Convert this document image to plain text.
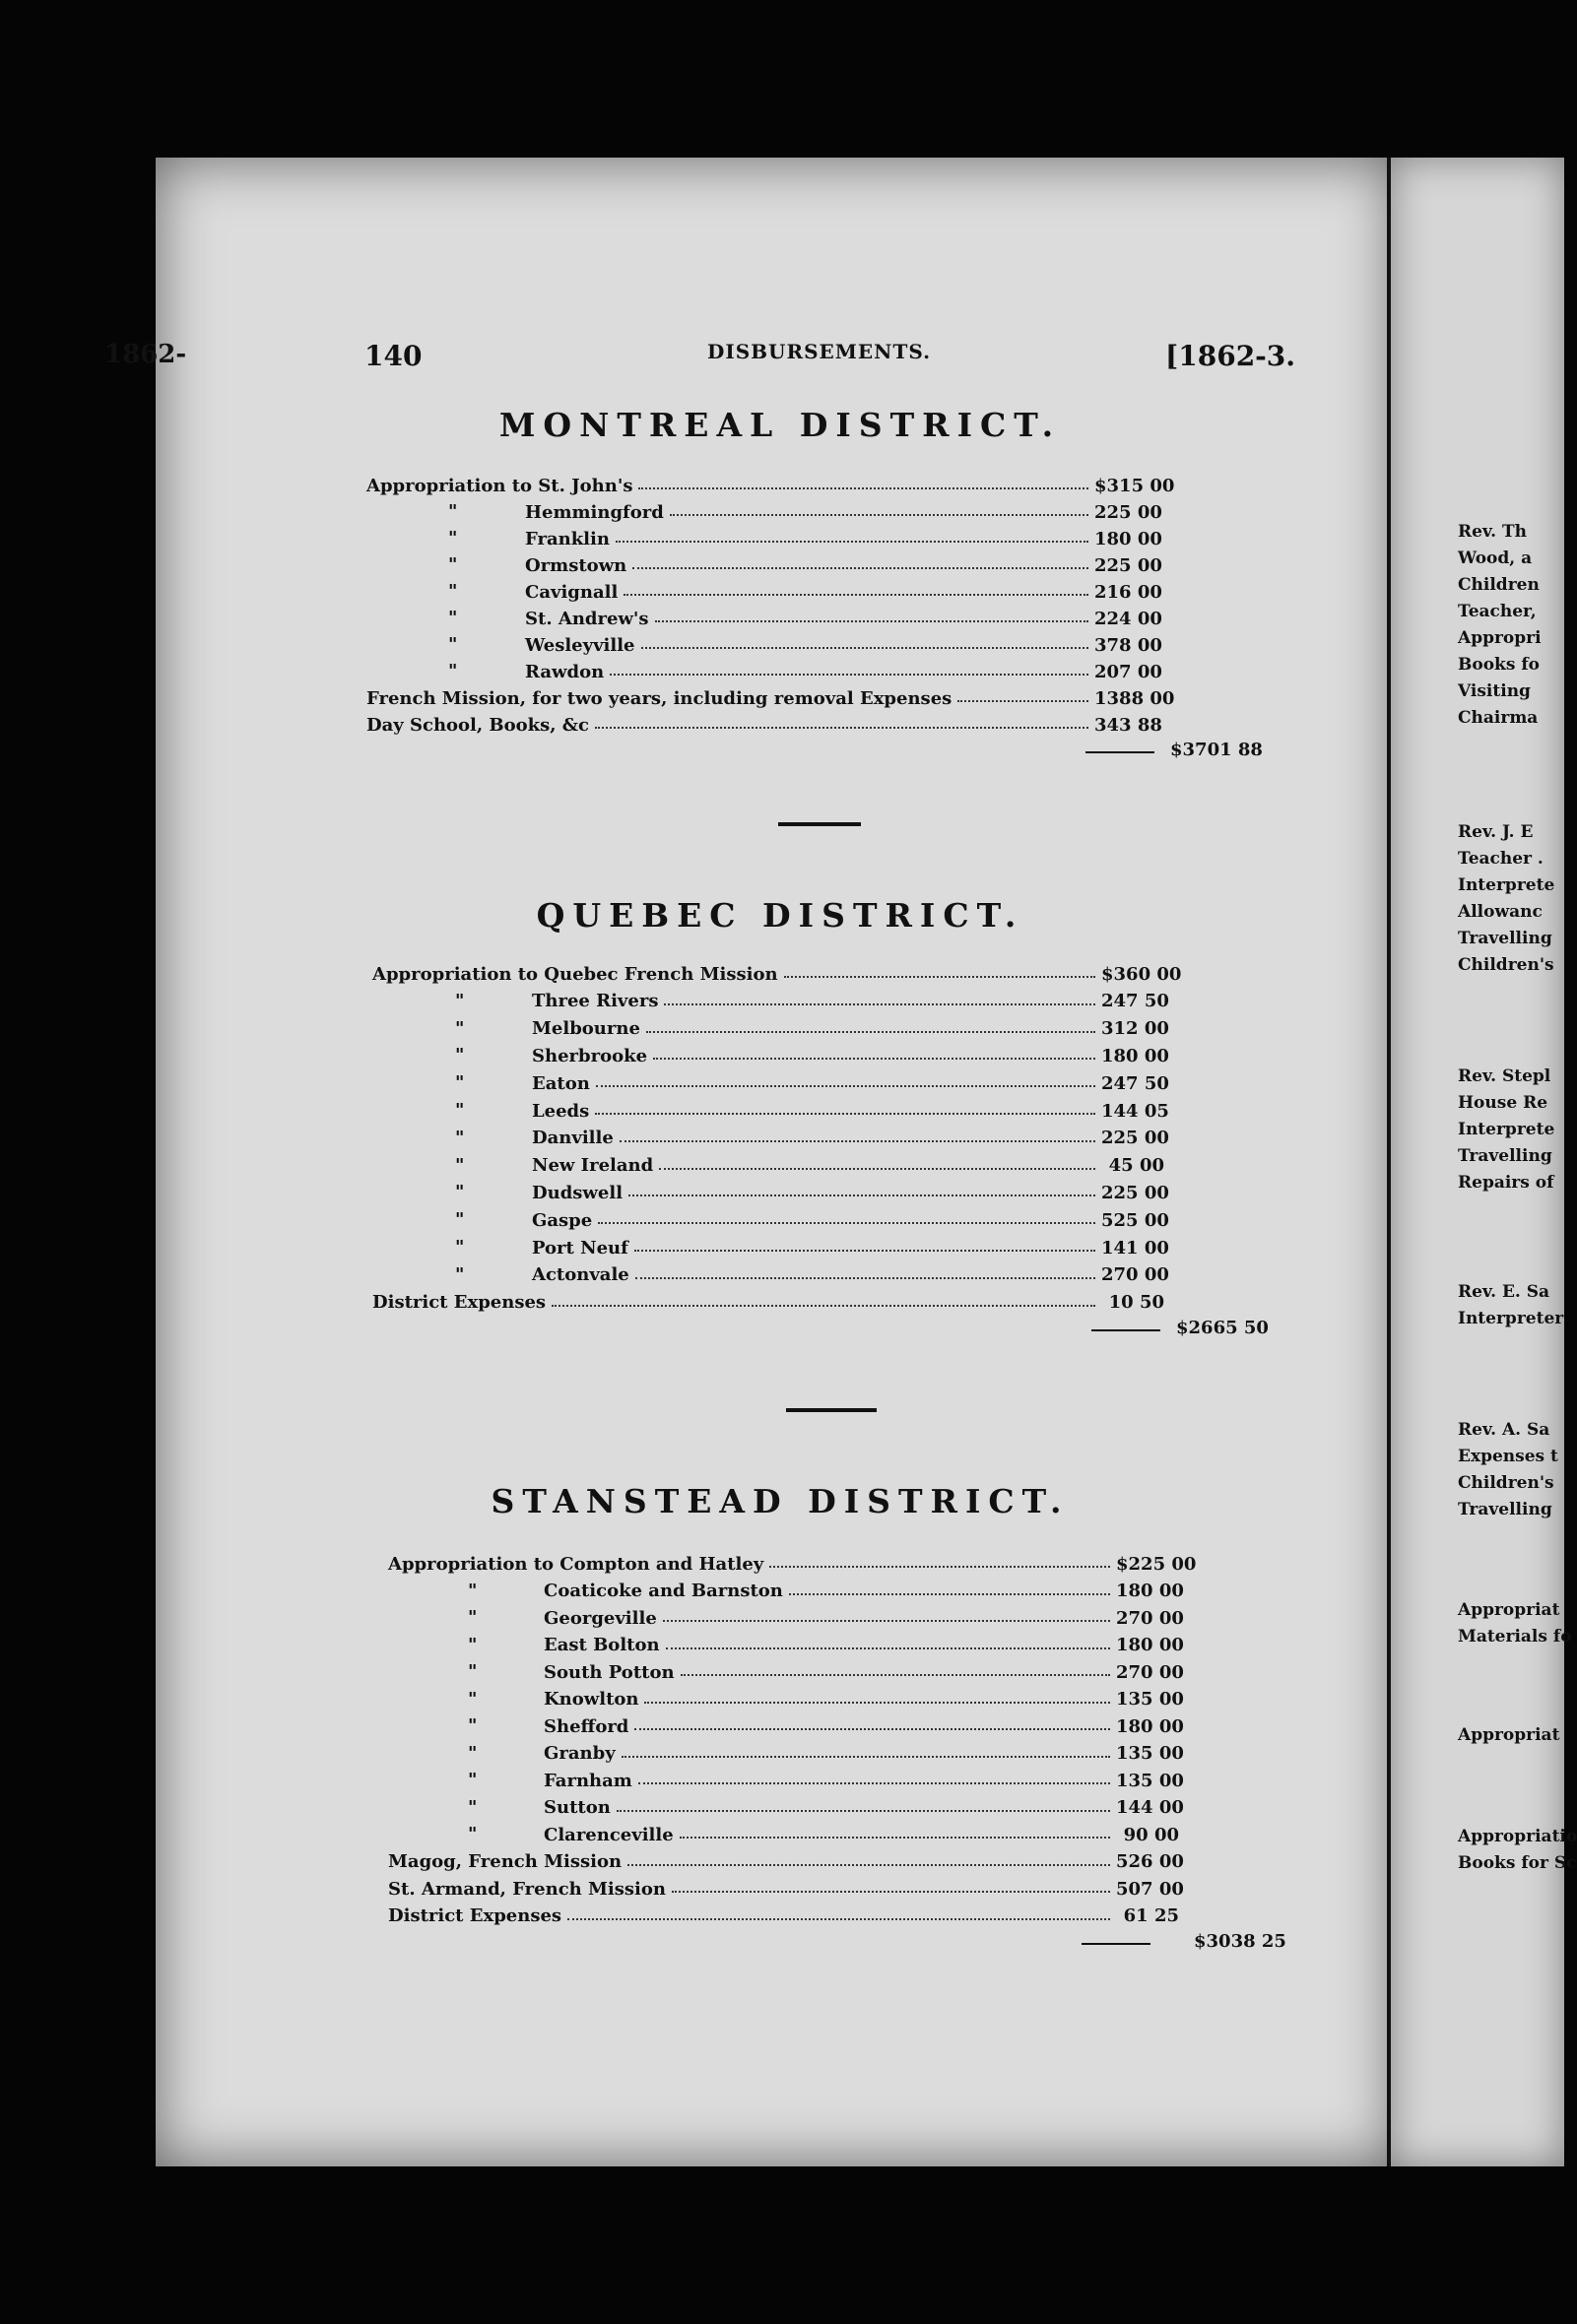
140	DISBURSEMENTS.	[1862-3.
MONTREAL DISTRICT.
Appropriation to St. John's	$315 00
"	Hemmingford	225 00
"	Franklin	180 00
"	Ormstown	225 00
"	Cavignall	216 00
"	St. Andrew's	224 00
"	Wesleyville	378 00
"	Rawdon	207 00
French Mission, for two years, including removal Expenses	1388 00
Day School, Books, &c	343 88
$3701 88
QUEBEC DISTRICT.
Appropriation to Quebec French Mission	$360 00
"	Three Rivers	247 50
"	Melbourne	312 00
"	Sherbrooke	180 00
"	Eaton	247 50
"	Leeds	144 05
"	Danville	225 00
"	New Ireland	45 00
"	Dudswell	225 00
"	Gaspe	525 00
"	Port Neuf	141 00
"	Actonvale	270 00
District Expenses	10 50
$2665 50
STANSTEAD DISTRICT.
Appropriation to Compton and Hatley	$225 00
"	Coaticoke and Barnston	180 00
"	Georgeville	270 00
"	East Bolton	180 00
"	South Potton	270 00
"	Knowlton	135 00
"	Shefford	180 00
"	Granby	135 00
"	Farnham	135 00
"	Sutton	144 00
"	Clarenceville	90 00
Magog, French Mission	526 00
St. Armand, French Mission	507 00
District Expenses	61 25
$3038 25
1862-
Rev. Th
Wood, a
Children
Teacher,
Appropri
Books fo
Visiting
Chairma
Rev. J. E
Teacher .
Interprete
Allowanc
Travelling
Children's
Rev. Stepl
House Re
Interprete
Travelling
Repairs of
Rev. E. Sa
Interpreter
Rev. A. Sa
Expenses t
Children's
Travelling
Appropriat
Materials fo
Appropriat
Appropriatio
Books for Sc
